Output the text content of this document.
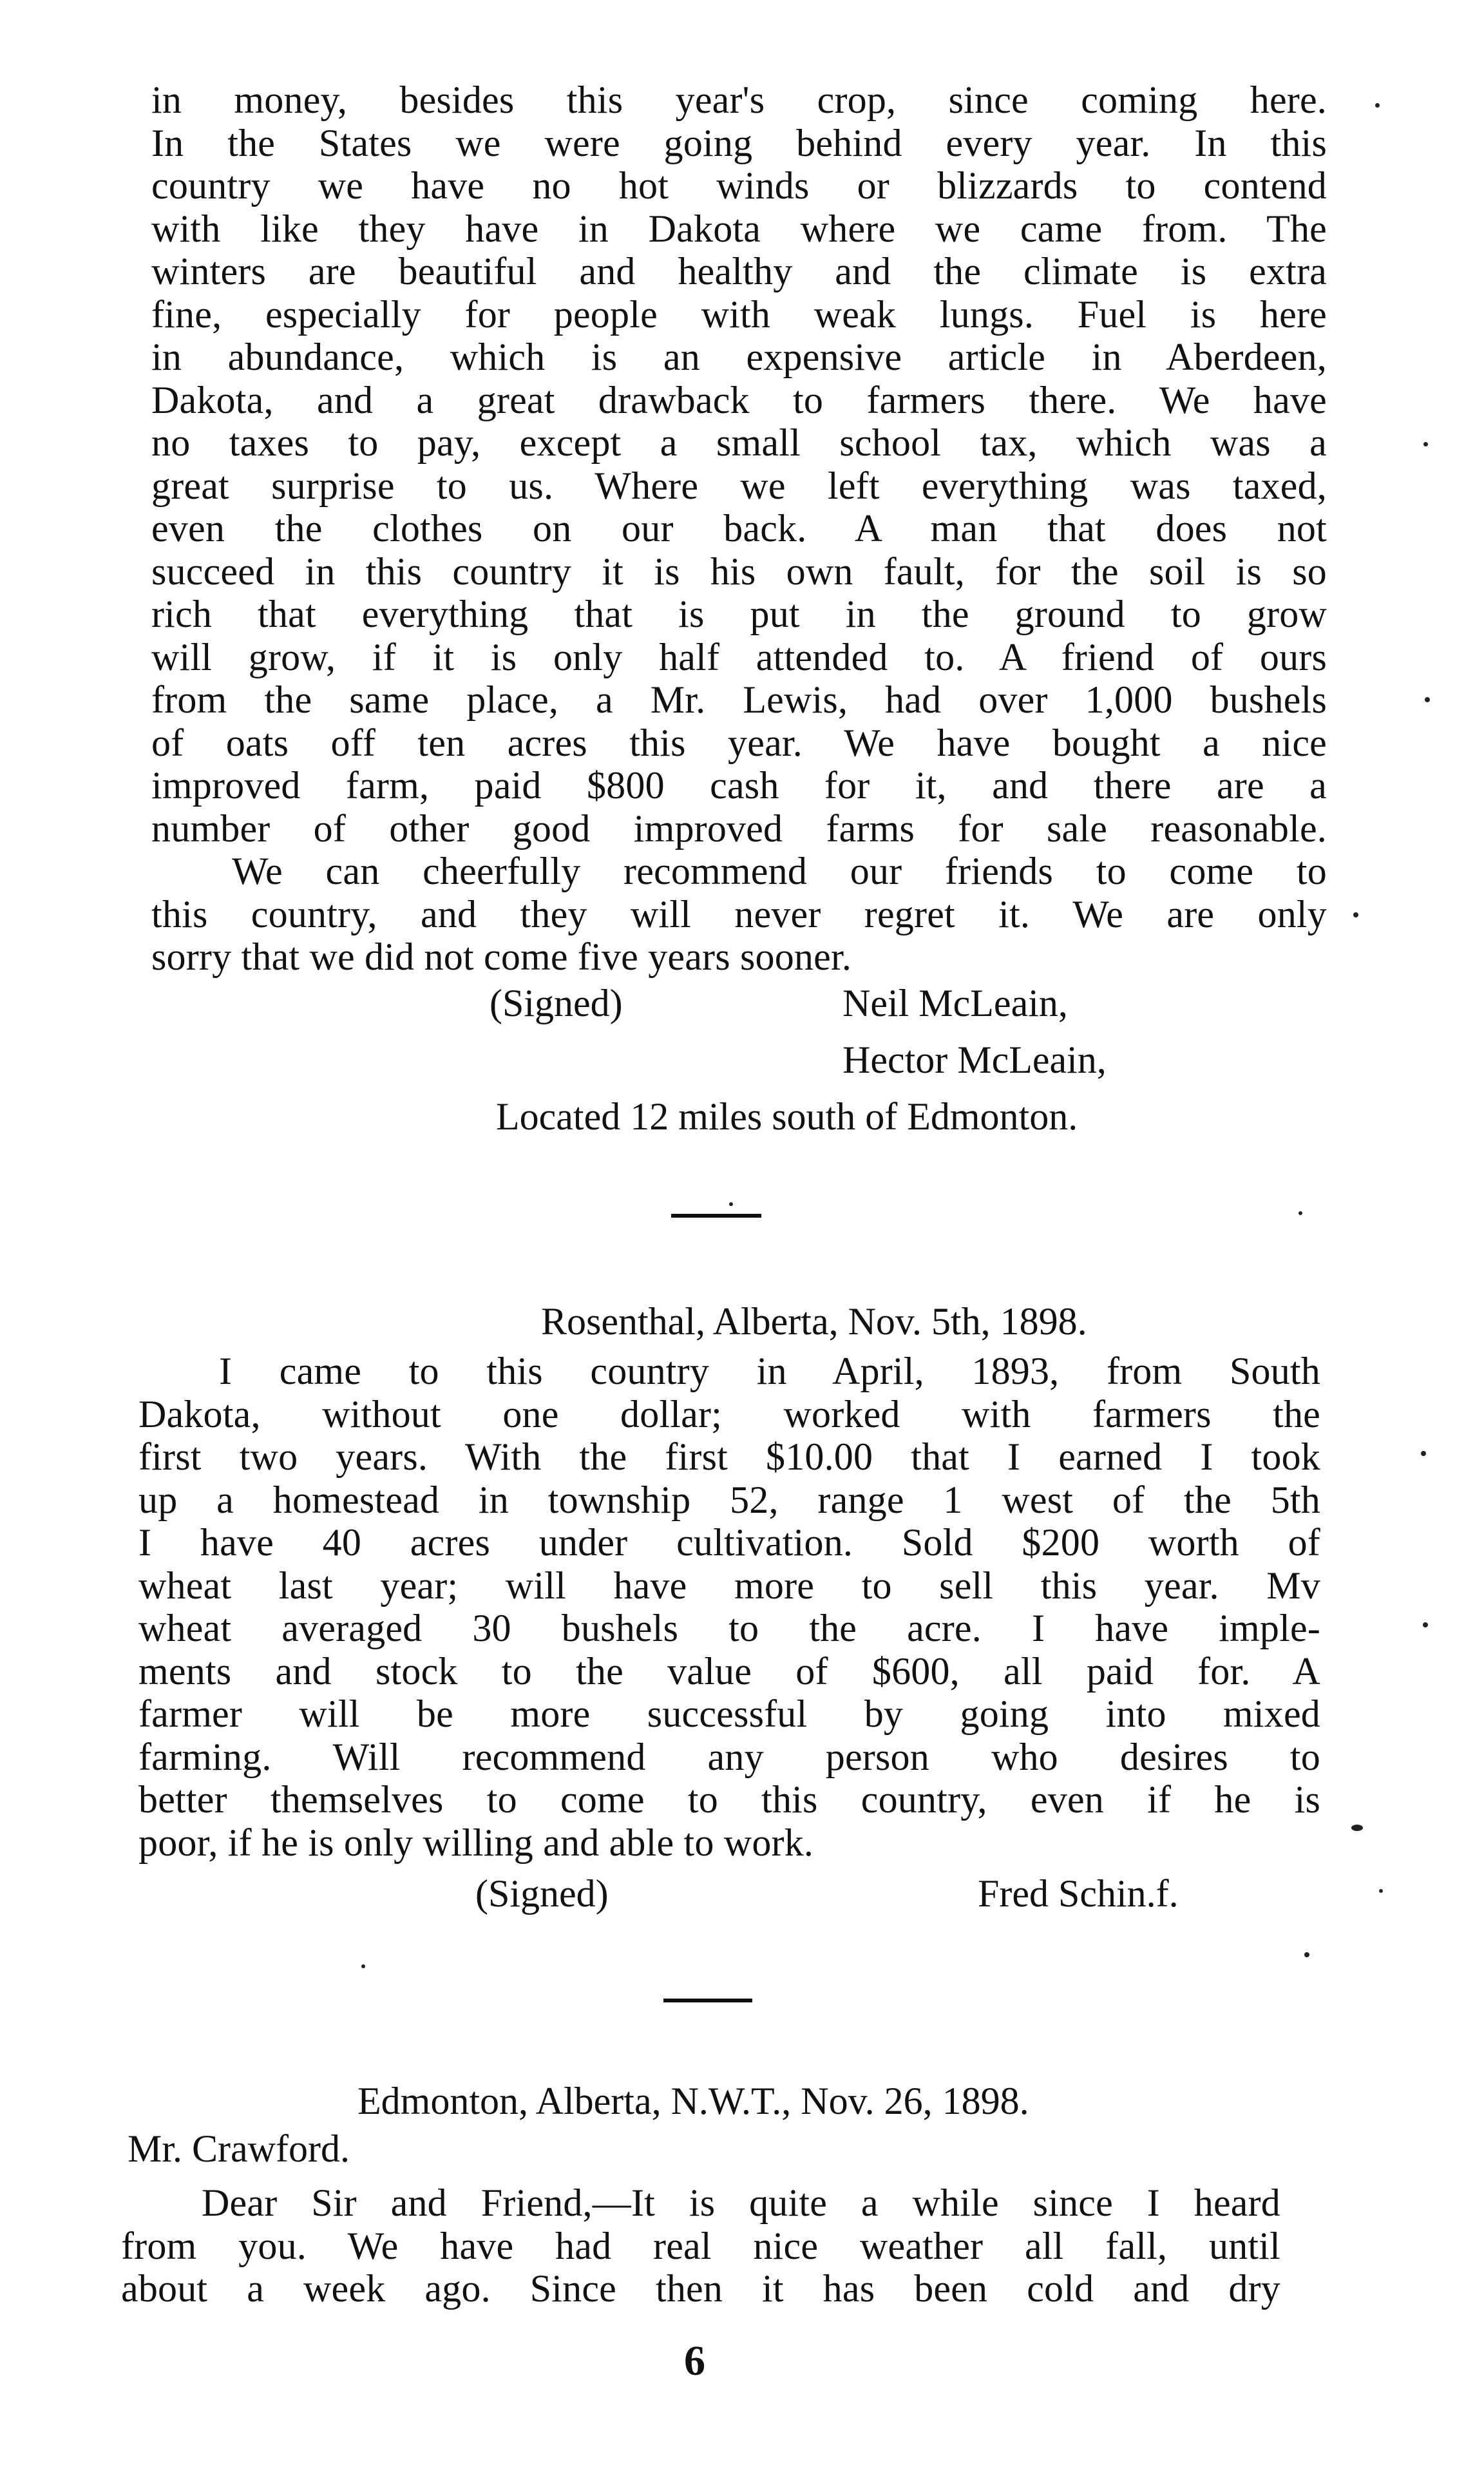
in money, besides this year's crop, since coming here.
In the States we were going behind every year. In this
country we have no hot winds or blizzards to contend
with like they have in Dakota where we came from. The
winters are beautiful and healthy and the climate is extra
fine, especially for people with weak lungs. Fuel is here
in abundance, which is an expensive article in Aberdeen,
Dakota, and a great drawback to farmers there. We have
no taxes to pay, except a small school tax, which was a
great surprise to us. Where we left everything was taxed,
even the clothes on our back. A man that does not
succeed in this country it is his own fault, for the soil is so
rich that everything that is put in the ground to grow
will grow, if it is only half attended to. A friend of ours
from the same place, a Mr. Lewis, had over 1,000 bushels
of oats off ten acres this year. We have bought a nice
improved farm, paid $800 cash for it, and there are a
number of other good improved farms for sale reasonable.
We can cheerfully recommend our friends to come to
this country, and they will never regret it. We are only
sorry that we did not come five years sooner.
(Signed)	Neil McLeain,
Hector McLeain,
Located 12 miles south of Edmonton.
Rosenthal, Alberta, Nov. 5th, 1898.
I came to this country in April, 1893, from South
Dakota, without one dollar; worked with farmers the
first two years. With the first $10.00 that I earned I took
up a homestead in township 52, range 1 west of the 5th
I have 40 acres under cultivation. Sold $200 worth of
wheat last year; will have more to sell this year. Mv
wheat averaged 30 bushels to the acre. I have imple-
ments and stock to the value of $600, all paid for. A
farmer will be more successful by going into mixed
farming. Will recommend any person who desires to
better themselves to come to this country, even if he is
poor, if he is only willing and able to work.
(Signed)	Fred Schin.f.
Edmonton, Alberta, N.W.T., Nov. 26, 1898.
Mr. Crawford.
Dear Sir and Friend,—It is quite a while since I heard
from you. We have had real nice weather all fall, until
about a week ago. Since then it has been cold and dry
6
